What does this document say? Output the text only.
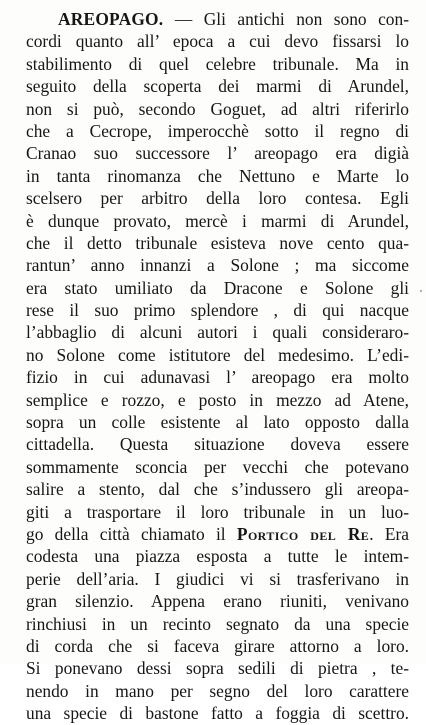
AREOPAGO. — Gli antichi non sono con-
cordi quanto all’ epoca a cui devo fissarsi lo
stabilimento di quel celebre tribunale. Ma in
seguito della scoperta dei marmi di Arundel,
non si può, secondo Goguet, ad altri riferirlo
che a Cecrope, imperocchè sotto il regno di
Cranao suo successore l’ areopago era digià
in tanta rinomanza che Nettuno e Marte lo
scelsero per arbitro della loro contesa. Egli
è dunque provato, mercè i marmi di Arundel,
che il detto tribunale esisteva nove cento qua-
rantun’ anno innanzi a Solone ; ma siccome
era stato umiliato da Dracone e Solone gli
rese il suo primo splendore , di qui nacque
l’abbaglio di alcuni autori i quali considerarо-
no Solone come istitutore del medesimo. L’edi-
fizio in cui adunavasi l’ areopago era molto
semplice e rozzo, e posto in mezzo ad Atene,
sopra un colle esistente al lato opposto dalla
cittadella. Questa situazione doveva essere
sommamente sconcia per vecchi che potevano
salire a stento, dal che s’indussero gli areopa-
giti a trasportare il loro tribunale in un luo-
go della città chiamato il Portico del Re. Era
codesta una piazza esposta a tutte le intem-
perie dell’aria. I giudici vi si trasferivano in
gran silenzio. Appena erano riuniti, venivano
rinchiusi in un recinto segnato da una specie
di corda che si faceva girare attorno a loro.
Si ponevano dessi sopra sedili di pietra , te-
nendo in mano per segno del loro carattere
una specie di bastone fatto a foggia di scettro.
